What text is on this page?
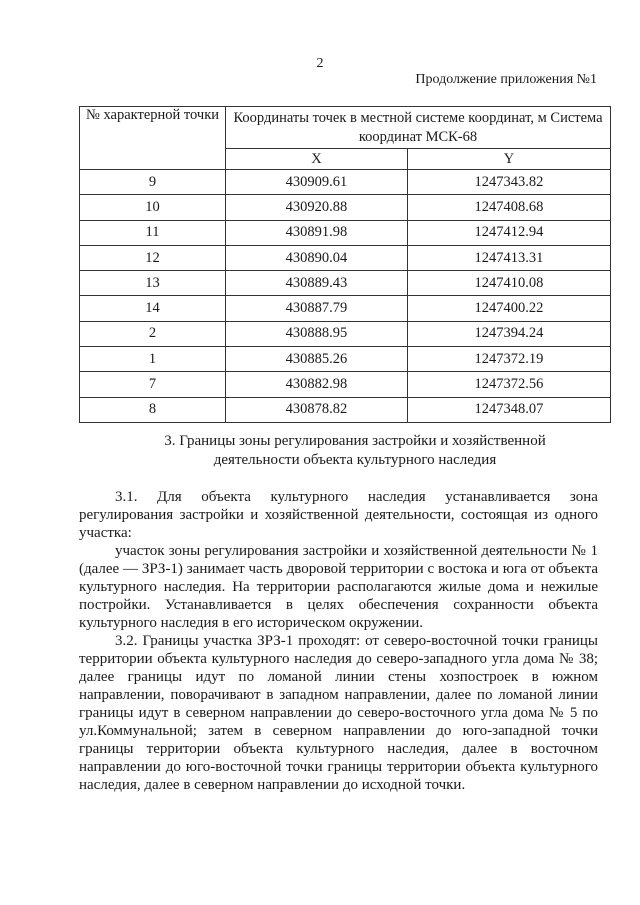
2
Продолжение приложения №1
№ характерной точки	Координаты точек в местной системе координат, м Система координат МСК-68	
	X	Y
9	430909.61	1247343.82
10	430920.88	1247408.68
11	430891.98	1247412.94
12	430890.04	1247413.31
13	430889.43	1247410.08
14	430887.79	1247400.22
2	430888.95	1247394.24
1	430885.26	1247372.19
7	430882.98	1247372.56
8	430878.82	1247348.07
3. Границы зоны регулирования застройки и хозяйственной
деятельности объекта культурного наследия
3.1. Для объекта культурного наследия устанавливается зона

регулирования застройки и хозяйственной деятельности, состоящая из одного участка:

участок зоны регулирования застройки и хозяйственной деятельности № 1 (далее — ЗРЗ-1) занимает часть дворовой территории с востока и юга от объекта культурного наследия. На территории располагаются жилые дома и нежилые постройки. Устанавливается в целях обеспечения сохранности объекта культурного наследия в его историческом окружении.

3.2. Границы участка ЗРЗ-1 проходят: от северо-восточной точки границы территории объекта культурного наследия до северо-западного угла дома № 38; далее границы идут по ломаной линии стены хозпостроек в южном направлении, поворачивают в западном направлении, далее по ломаной линии границы идут в северном направлении до северо-восточного угла дома № 5 по ул.Коммунальной; затем в северном направлении до юго-западной точки границы территории объекта культурного наследия, далее в восточном направлении до юго-восточной точки границы территории объекта культурного наследия, далее в северном направлении до исходной точки.
